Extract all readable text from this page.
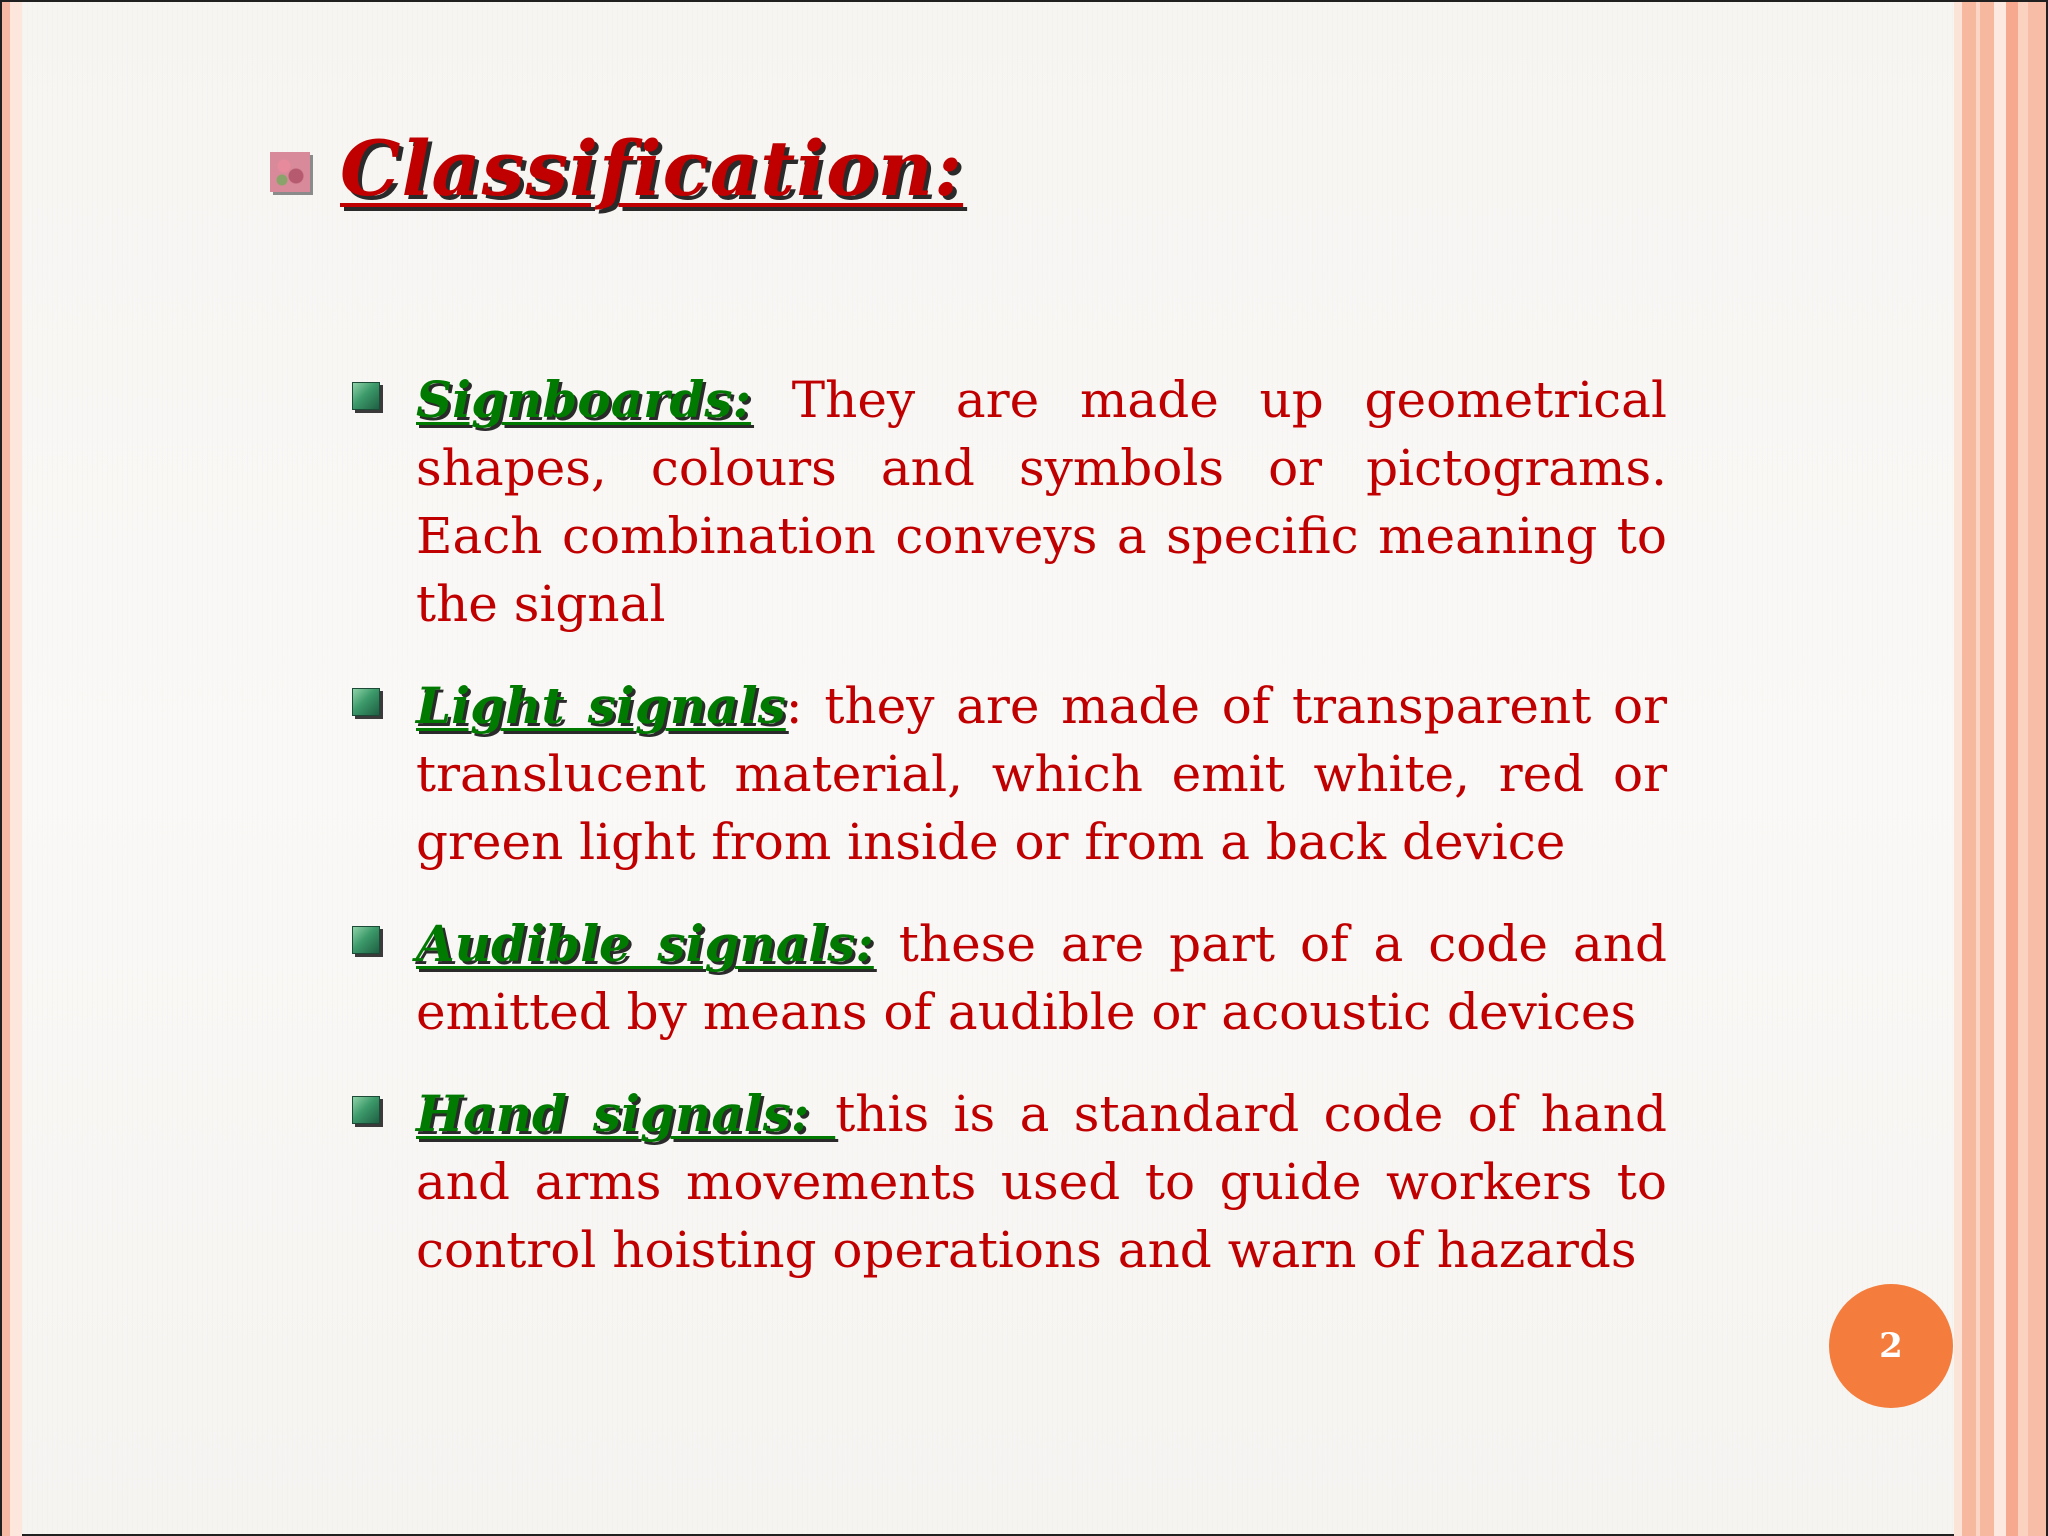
Classification:
Signboards: They are made up geometrical shapes, colours and symbols or pictograms. Each combination conveys a specific meaning to the signal
Light signals: they are made of transparent or translucent material, which emit white, red or green light from inside or from a back device
Audible signals: these are part of a code and emitted by means of audible or acoustic devices
Hand signals: this is a standard code of hand and arms movements used to guide workers to control hoisting operations and warn of hazards
2
